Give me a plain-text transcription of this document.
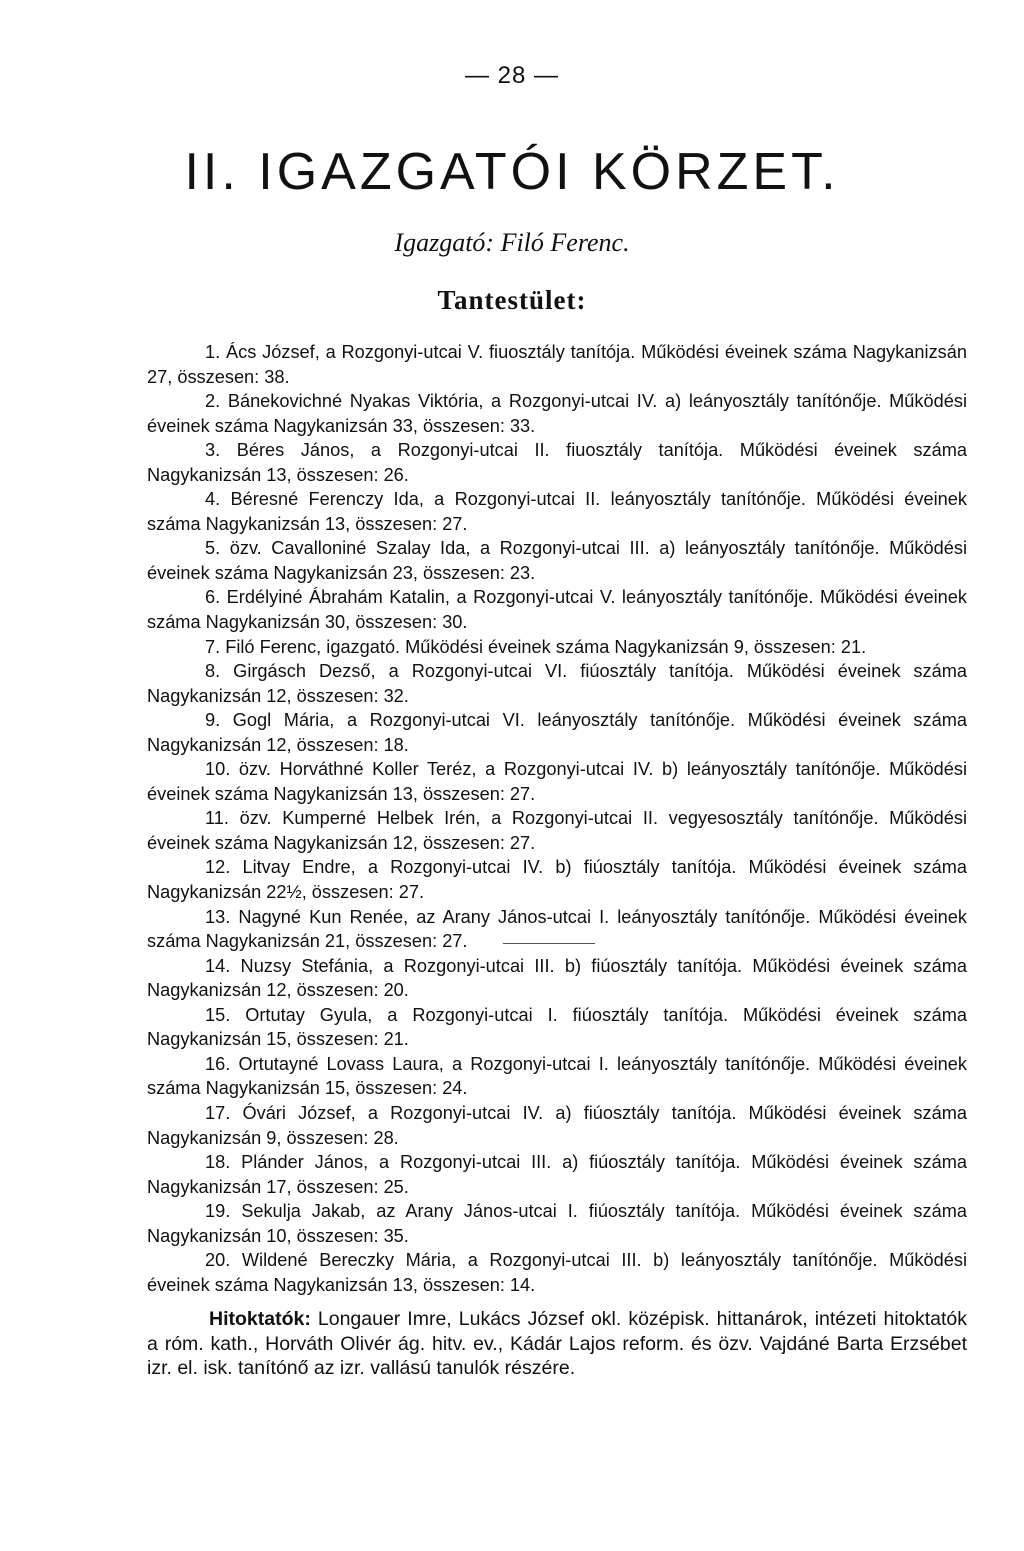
— 28 —
II. IGAZGATÓI KÖRZET.
Igazgató: Filó Ferenc.
Tantestület:

1. Ács József, a Rozgonyi-utcai V. fiuosztály tanítója. Működési éveinek száma Nagykanizsán 27, összesen: 38.

2. Bánekovichné Nyakas Viktória, a Rozgonyi-utcai IV. a) leányosztály tanítónője. Működési éveinek száma Nagykanizsán 33, összesen: 33.

3. Béres János, a Rozgonyi-utcai II. fiuosztály tanítója. Működési éveinek száma Nagykanizsán 13, összesen: 26.

4. Béresné Ferenczy Ida, a Rozgonyi-utcai II. leányosztály tanítónője. Működési éveinek száma Nagykanizsán 13, összesen: 27.

5. özv. Cavalloniné Szalay Ida, a Rozgonyi-utcai III. a) leányosztály tanítónője. Működési éveinek száma Nagykanizsán 23, összesen: 23.

6. Erdélyiné Ábrahám Katalin, a Rozgonyi-utcai V. leányosztály tanítónője. Működési éveinek száma Nagykanizsán 30, összesen: 30.

7. Filó Ferenc, igazgató. Működési éveinek száma Nagykanizsán 9, összesen: 21.

8. Girgásch Dezső, a Rozgonyi-utcai VI. fiúosztály tanítója. Működési éveinek száma Nagykanizsán 12, összesen: 32.

9. Gogl Mária, a Rozgonyi-utcai VI. leányosztály tanítónője. Működési éveinek száma Nagykanizsán 12, összesen: 18.

10. özv. Horváthné Koller Teréz, a Rozgonyi-utcai IV. b) leányosztály tanítónője. Működési éveinek száma Nagykanizsán 13, összesen: 27.

11. özv. Kumperné Helbek Irén, a Rozgonyi-utcai II. vegyesosztály tanítónője. Működési éveinek száma Nagykanizsán 12, összesen: 27.

12. Litvay Endre, a Rozgonyi-utcai IV. b) fiúosztály tanítója. Működési éveinek száma Nagykanizsán 22½, összesen: 27.

13. Nagyné Kun Renée, az Arany János-utcai I. leányosztály tanítónője. Működési éveinek száma Nagykanizsán 21, összesen: 27.

14. Nuzsy Stefánia, a Rozgonyi-utcai III. b) fiúosztály tanítója. Működési éveinek száma Nagykanizsán 12, összesen: 20.

15. Ortutay Gyula, a Rozgonyi-utcai I. fiúosztály tanítója. Működési éveinek száma Nagykanizsán 15, összesen: 21.

16. Ortutayné Lovass Laura, a Rozgonyi-utcai I. leányosztály tanítónője. Működési éveinek száma Nagykanizsán 15, összesen: 24.

17. Óvári József, a Rozgonyi-utcai IV. a) fiúosztály tanítója. Működési éveinek száma Nagykanizsán 9, összesen: 28.

18. Plánder János, a Rozgonyi-utcai III. a) fiúosztály tanítója. Működési éveinek száma Nagykanizsán 17, összesen: 25.

19. Sekulja Jakab, az Arany János-utcai I. fiúosztály tanítója. Működési éveinek száma Nagykanizsán 10, összesen: 35.

20. Wildené Bereczky Mária, a Rozgonyi-utcai III. b) leányosztály tanítónője. Működési éveinek száma Nagykanizsán 13, összesen: 14.

Hitoktatók: Longauer Imre, Lukács József okl. középisk. hittanárok, intézeti hitoktatók a róm. kath., Horváth Olivér ág. hitv. ev., Kádár Lajos reform. és özv. Vajdáné Barta Erzsébet izr. el. isk. tanítónő az izr. vallású tanulók részére.
